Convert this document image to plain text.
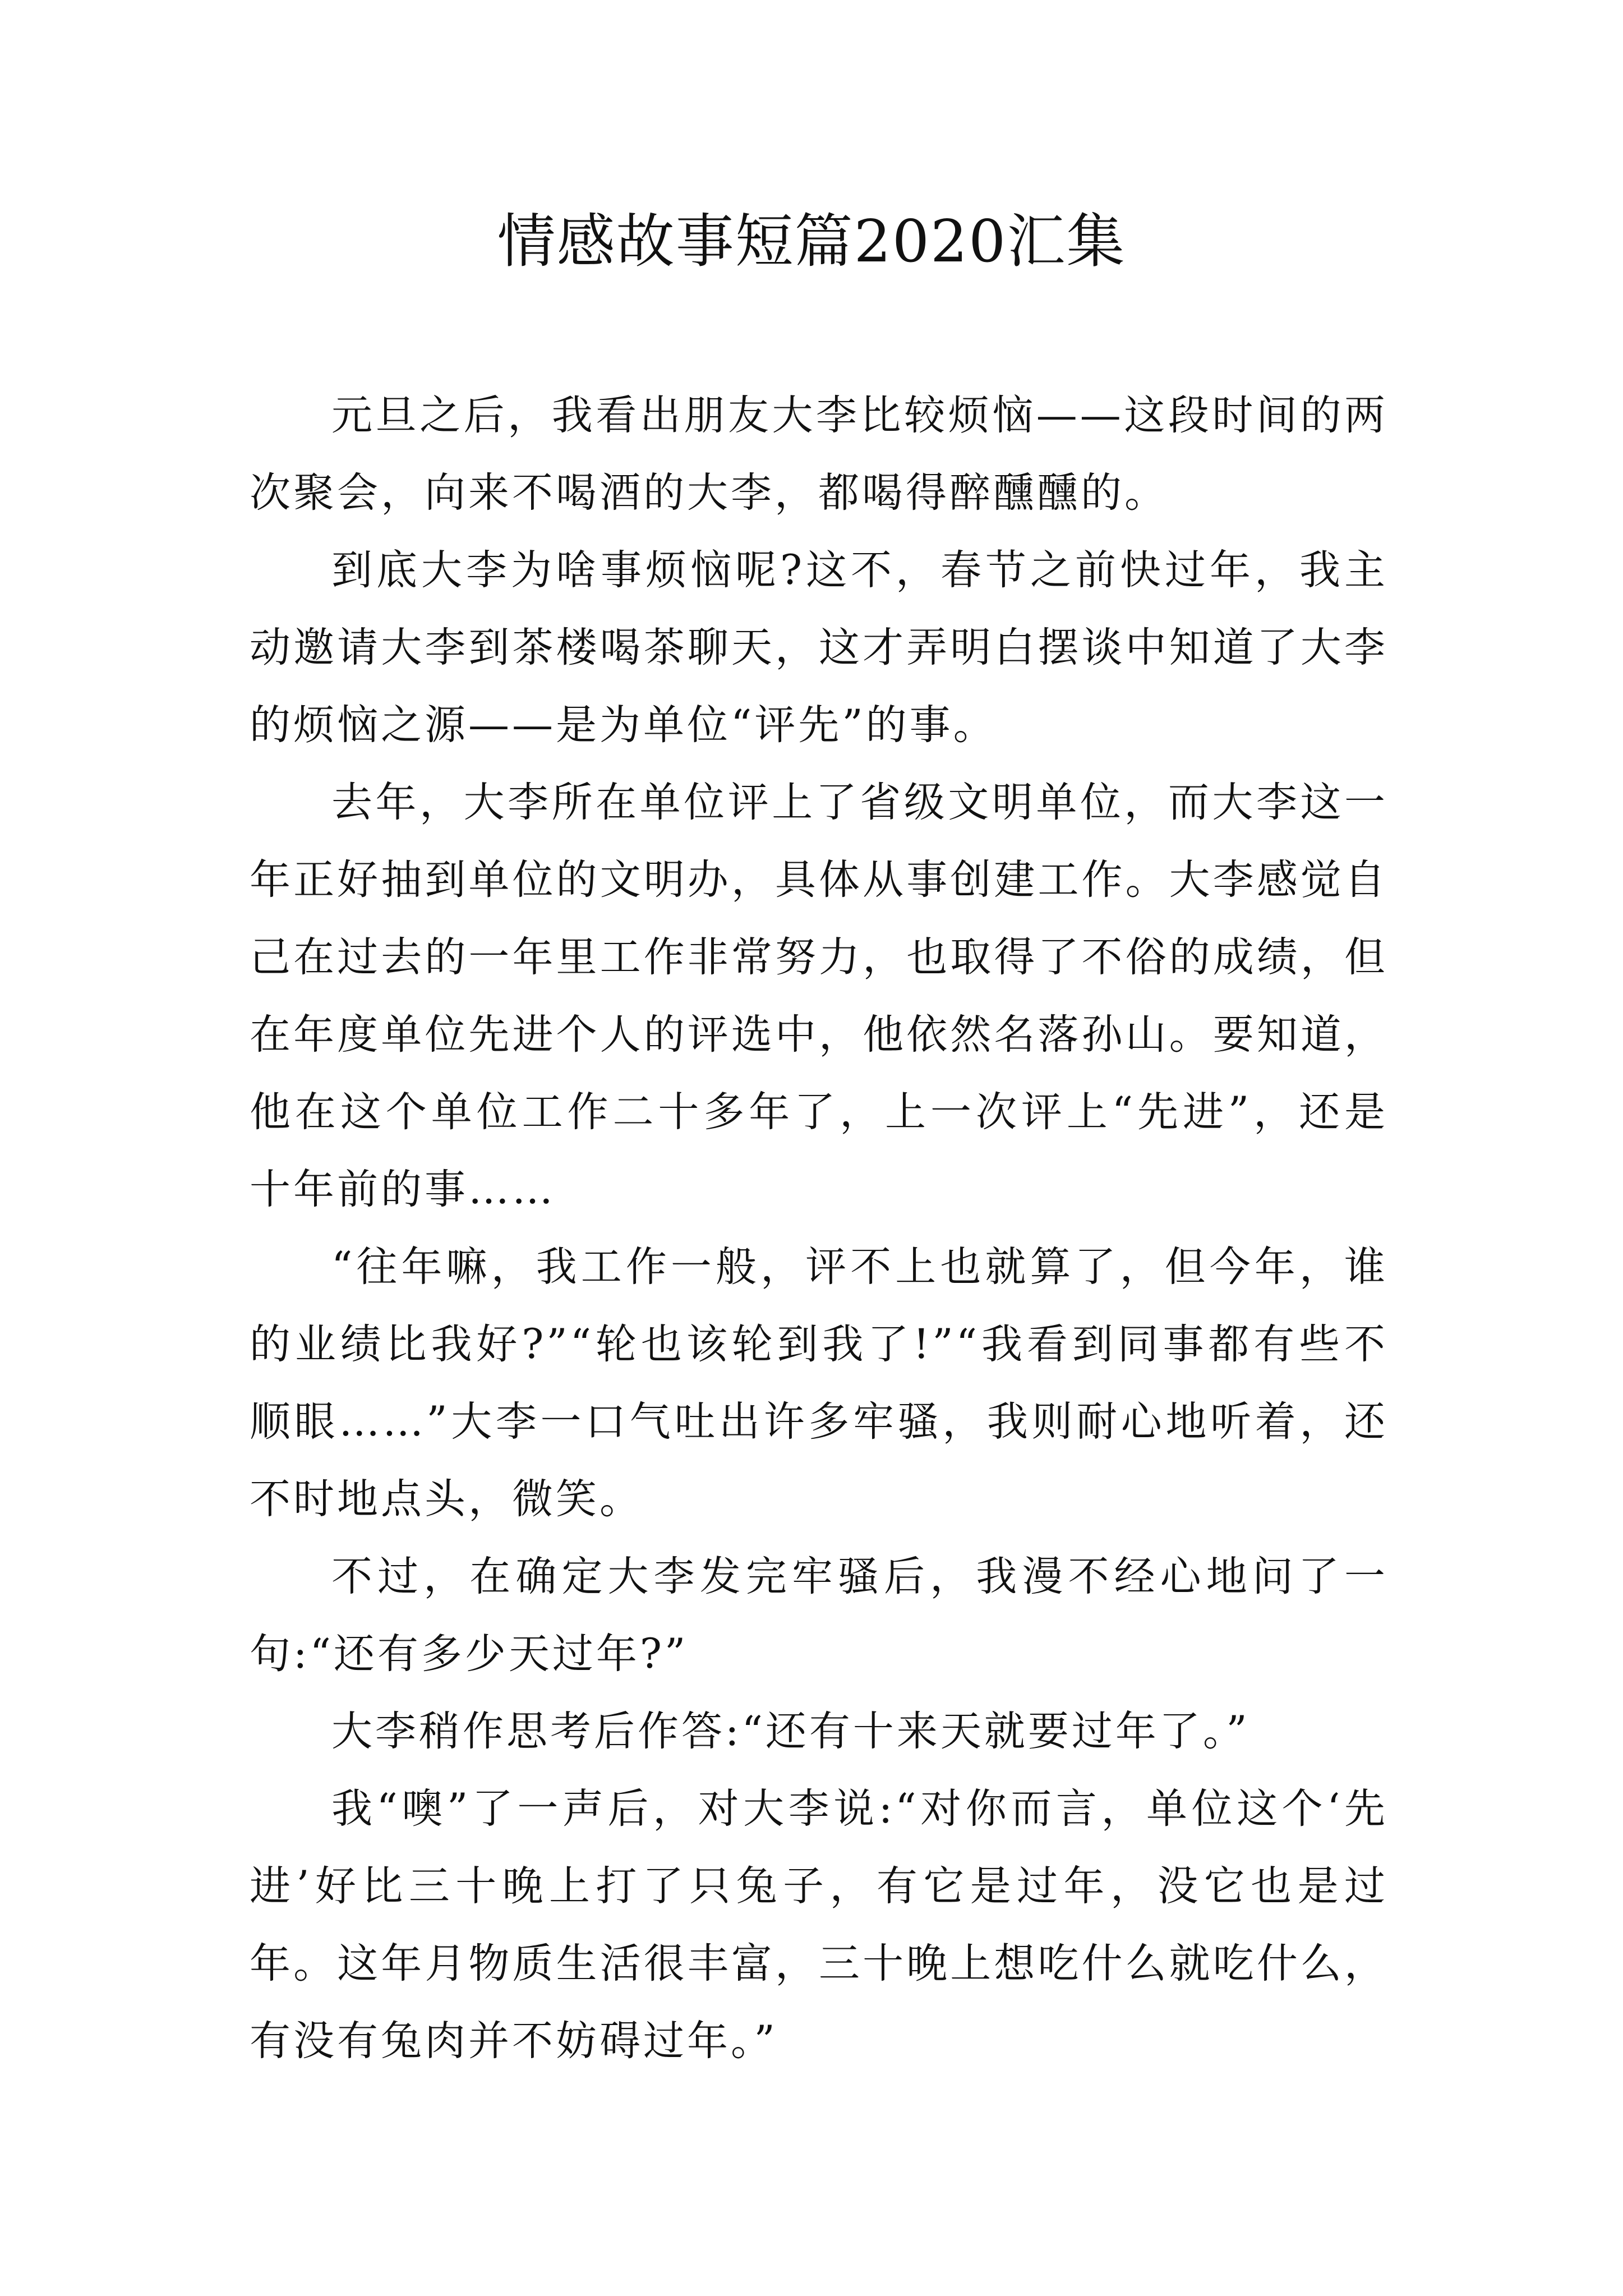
情感故事短篇2020汇集

元旦之后，我看出朋友大李比较烦恼——这段时间的两次聚会，向来不喝酒的大李，都喝得醉醺醺的。

到底大李为啥事烦恼呢?这不，春节之前快过年，我主动邀请大李到茶楼喝茶聊天，这才弄明白摆谈中知道了大李的烦恼之源——是为单位“评先”的事。

去年，大李所在单位评上了省级文明单位，而大李这一年正好抽到单位的文明办，具体从事创建工作。大李感觉自己在过去的一年里工作非常努力，也取得了不俗的成绩，但在年度单位先进个人的评选中，他依然名落孙山。要知道，他在这个单位工作二十多年了，上一次评上“先进”，还是十年前的事……

“往年嘛，我工作一般，评不上也就算了，但今年，谁的业绩比我好?”“轮也该轮到我了!”“我看到同事都有些不顺眼……”大李一口气吐出许多牢骚，我则耐心地听着，还不时地点头，微笑。

不过，在确定大李发完牢骚后，我漫不经心地问了一句:“还有多少天过年?”

大李稍作思考后作答:“还有十来天就要过年了。”

我“噢”了一声后，对大李说:“对你而言，单位这个‘先进’好比三十晚上打了只兔子，有它是过年，没它也是过年。这年月物质生活很丰富，三十晚上想吃什么就吃什么，有没有兔肉并不妨碍过年。”
